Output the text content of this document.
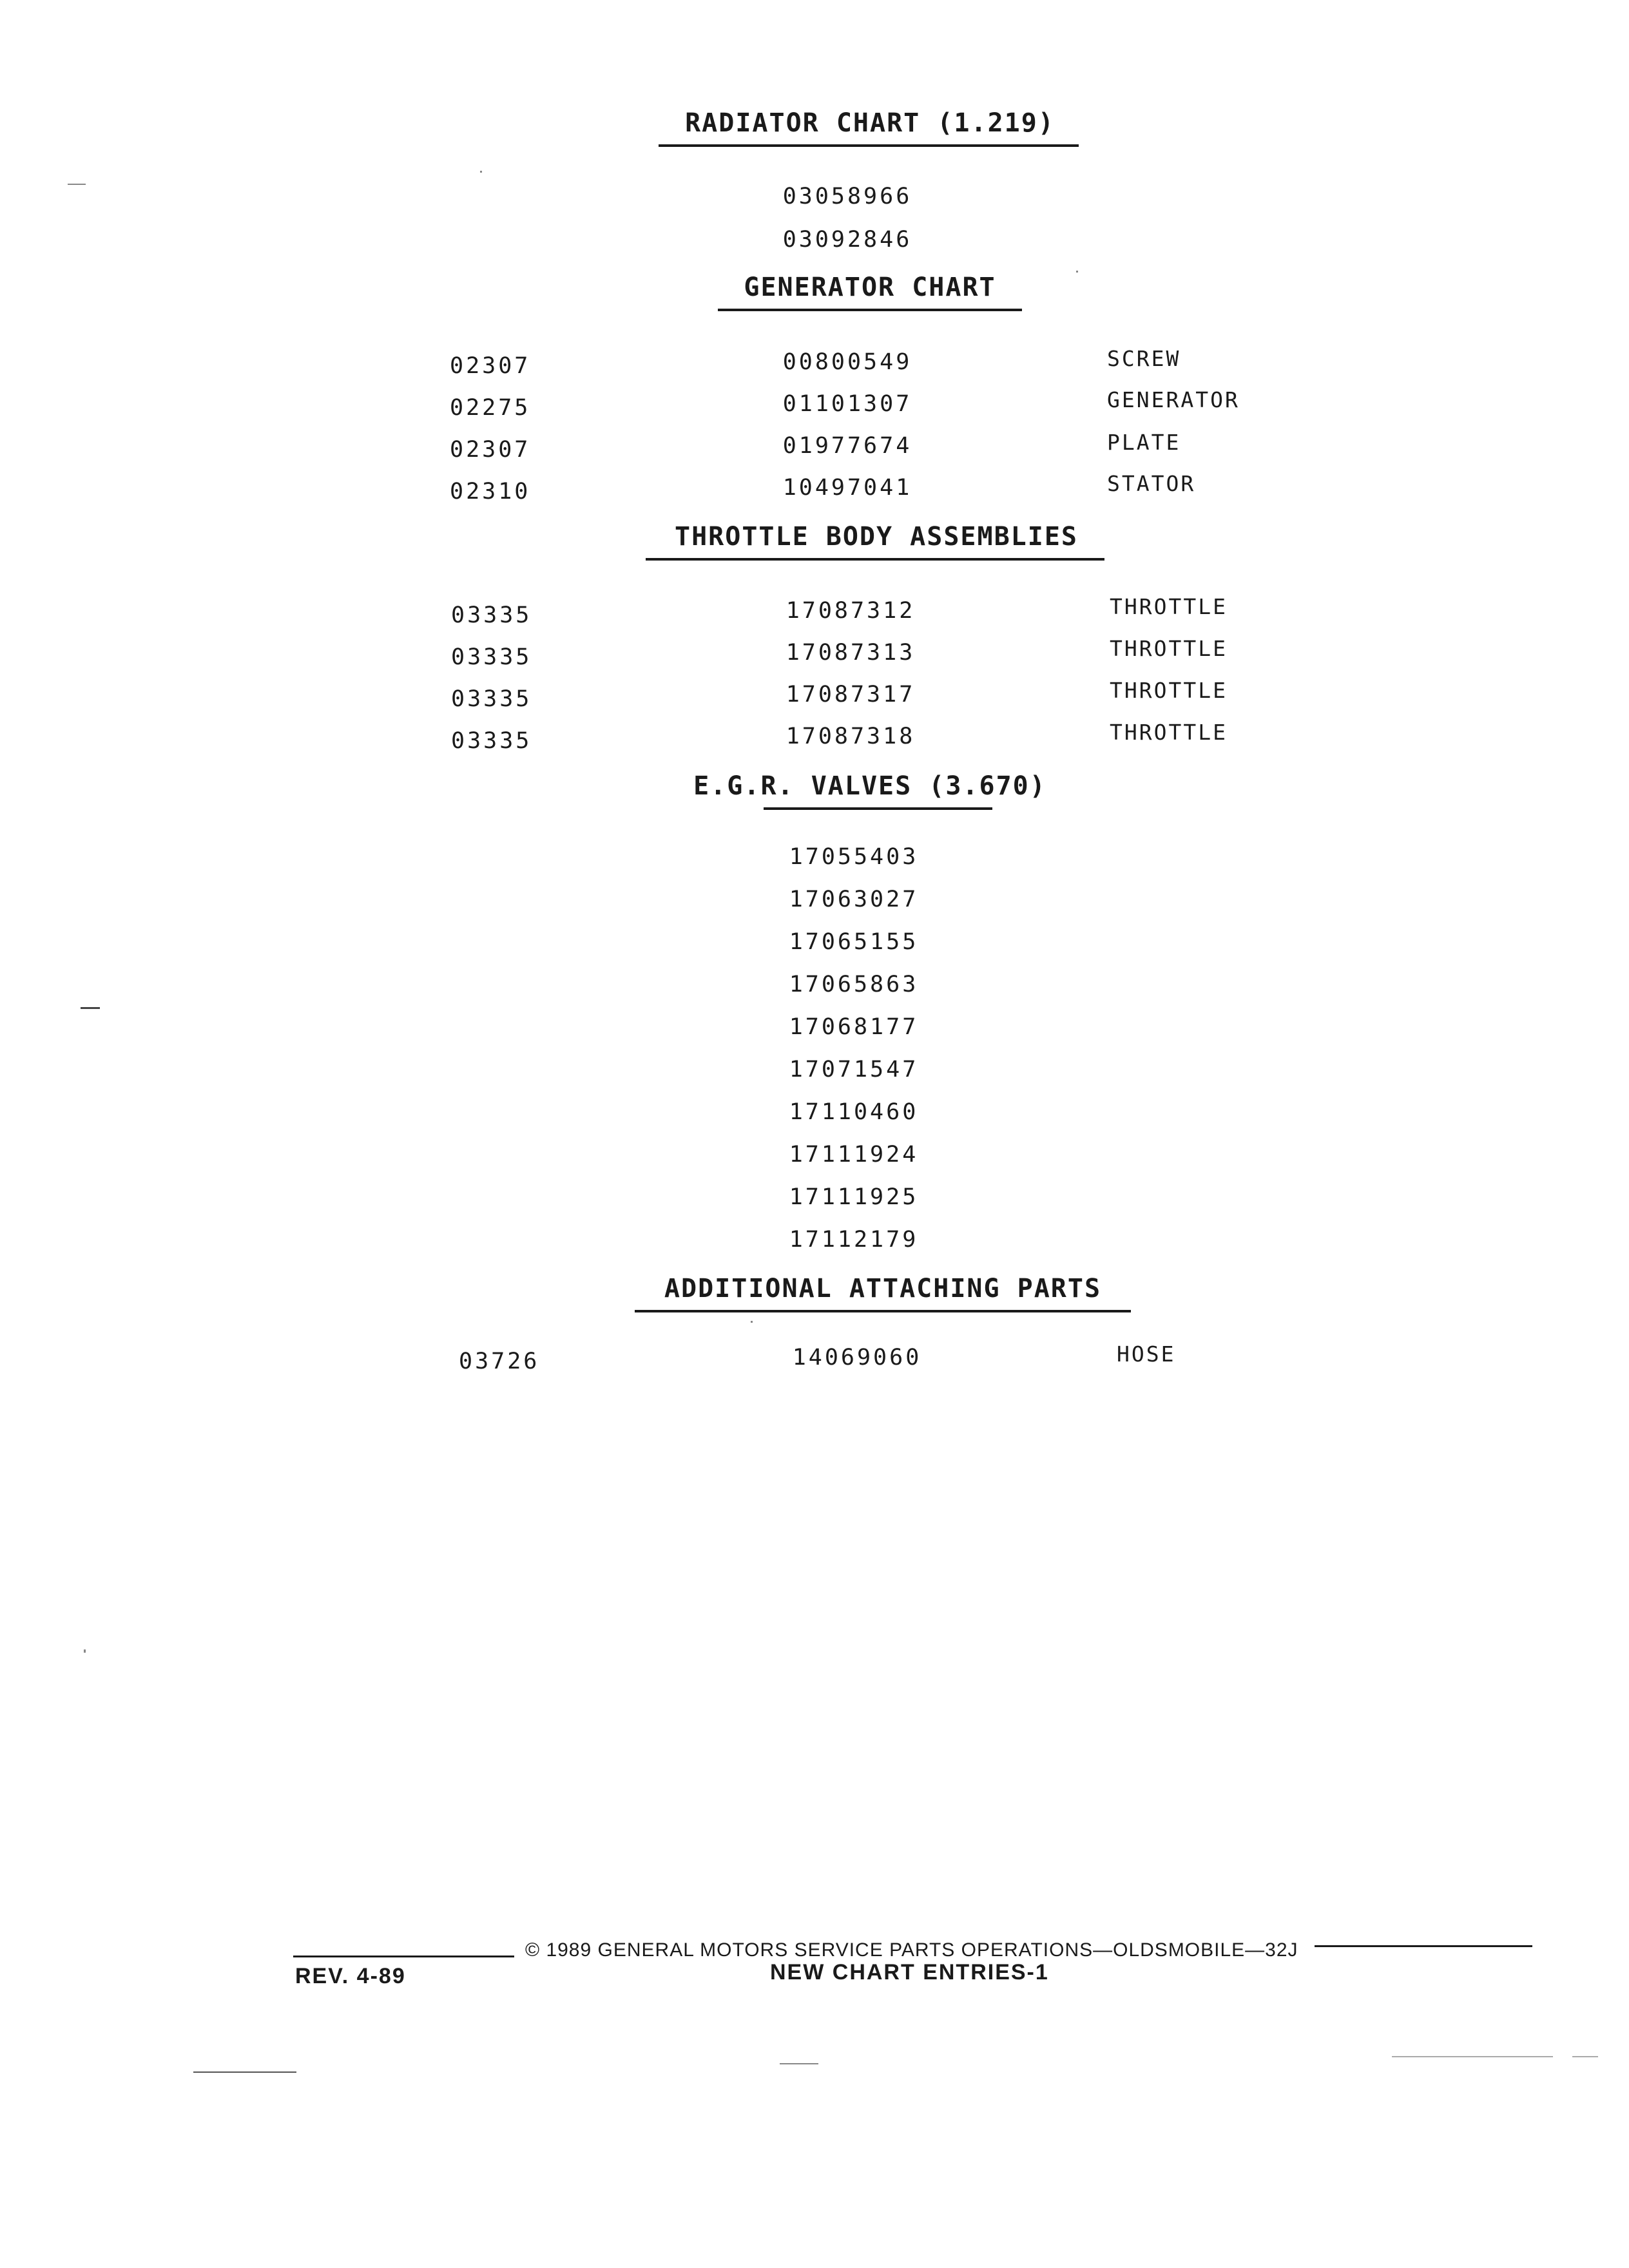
RADIATOR CHART (1.219)
03058966
03092846
GENERATOR CHART
02307	00800549	SCREW
02275	01101307	GENERATOR
02307	01977674	PLATE
02310	10497041	STATOR
THROTTLE BODY ASSEMBLIES
03335	17087312	THROTTLE
03335	17087313	THROTTLE
03335	17087317	THROTTLE
03335	17087318	THROTTLE
E.G.R. VALVES (3.670)
17055403
17063027
17065155
17065863
17068177
17071547
17110460
17111924
17111925
17112179
ADDITIONAL ATTACHING PARTS
03726	14069060	HOSE
© 1989 GENERAL MOTORS SERVICE PARTS OPERATIONS—OLDSMOBILE—32J
REV. 4-89	NEW CHART ENTRIES-1
